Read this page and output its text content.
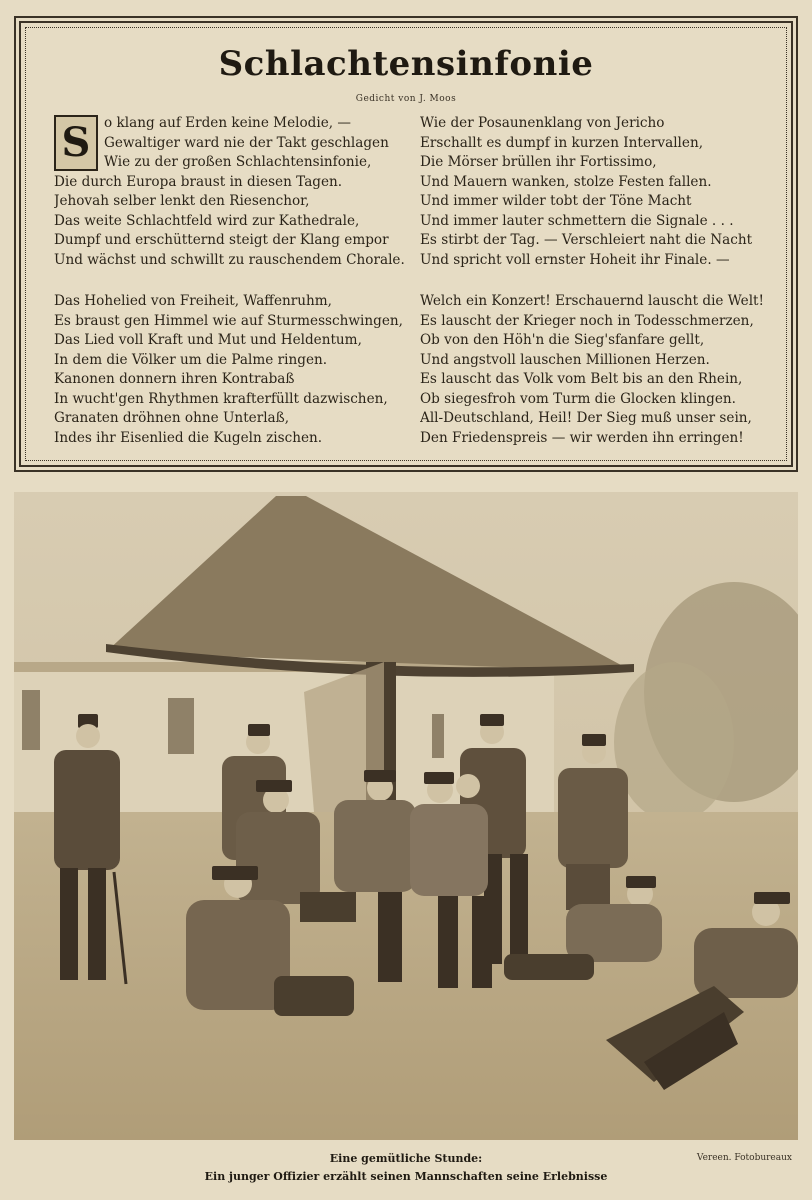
Schlachtensinfonie
Gedicht von J. Moos
S o klang auf Erden keine Melodie, —
Gewaltiger ward nie der Takt geschlagen
Wie zu der großen Schlachtensinfonie,
Die durch Europa braust in diesen Tagen.
Jehovah selber lenkt den Riesenchor,
Das weite Schlachtfeld wird zur Kathedrale,
Dumpf und erschütternd steigt der Klang empor
Und wächst und schwillt zu rauschendem Chorale.
Das Hohelied von Freiheit, Waffenruhm,
Es braust gen Himmel wie auf Sturmesschwingen,
Das Lied voll Kraft und Mut und Heldentum,
In dem die Völker um die Palme ringen.
Kanonen donnern ihren Kontrabaß
In wucht'gen Rhythmen krafterfüllt dazwischen,
Granaten dröhnen ohne Unterlaß,
Indes ihr Eisenlied die Kugeln zischen.
Wie der Posaunenklang von Jericho
Erschallt es dumpf in kurzen Intervallen,
Die Mörser brüllen ihr Fortissimo,
Und Mauern wanken, stolze Festen fallen.
Und immer wilder tobt der Töne Macht
Und immer lauter schmettern die Signale . . .
Es stirbt der Tag. — Verschleiert naht die Nacht
Und spricht voll ernster Hoheit ihr Finale. —
Welch ein Konzert! Erschauernd lauscht die Welt!
Es lauscht der Krieger noch in Todesschmerzen,
Ob von den Höh'n die Sieg'sfanfare gellt,
Und angstvoll lauschen Millionen Herzen.
Es lauscht das Volk vom Belt bis an den Rhein,
Ob siegesfroh vom Turm die Glocken klingen.
All-Deutschland, Heil! Der Sieg muß unser sein,
Den Friedenspreis — wir werden ihn erringen!
Eine gemütliche Stunde:
Ein junger Offizier erzählt seinen Mannschaften seine Erlebnisse
Vereen. Fotobureaux
